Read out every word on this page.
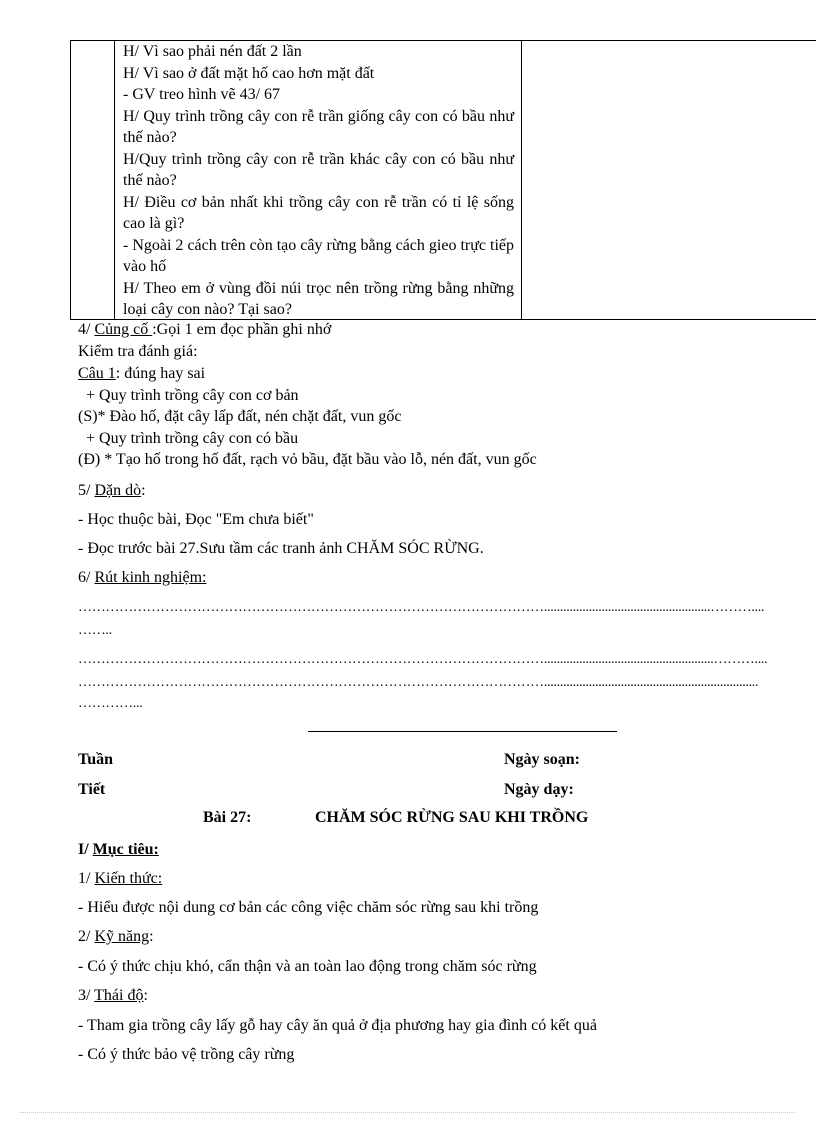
H/ Vì sao phải nén đất 2 lần

H/ Vì sao ở đất mặt hố cao hơn mặt đất

- GV treo hình vẽ 43/ 67

H/ Quy trình trồng cây con rễ trần giống cây con có bầu như thế nào?

H/Quy trình trồng cây con rễ trần khác cây con có bầu như thế nào?

H/ Điều cơ bản nhất khi trồng cây con rễ trần có tỉ lệ sống cao là gì?

- Ngoài 2 cách trên còn tạo cây rừng bằng cách gieo trực tiếp vào hố

H/ Theo em ở vùng đồi núi trọc nên trồng rừng bằng những loại cây con nào? Tại sao?

4/ Củng cố :Gọi 1 em đọc phần ghi nhớ
Kiểm tra đánh giá:
Câu 1: đúng hay sai
+ Quy trình trồng cây con cơ bản
(S)* Đào hố, đặt cây lấp đất, nén chặt đất, vun gốc
+ Quy trình trồng cây con có bầu
(Đ) * Tạo hố trong hố đất, rạch vỏ bầu, đặt bầu vào lỗ, nén đất, vun gốc
5/ Dặn dò:
- Học thuộc bài, Đọc "Em chưa biết"
- Đọc trước bài 27.Sưu tầm các tranh ảnh CHĂM SÓC RỪNG.
6/ Rút kinh nghiệm:
…………………………………………………………………………………………....................................................………....
……..
………………………………………………………………………………………….....................................................………....
…………………………………………………………………………………………...................................................................
…………...
Tuần	Ngày soạn:
Tiết	Ngày dạy:
Bài 27:	CHĂM SÓC RỪNG SAU KHI TRỒNG
I/ Mục tiêu:
1/ Kiến thức:
- Hiểu được nội dung cơ bản các công việc chăm sóc rừng sau khi trồng
2/ Kỹ năng:
- Có ý thức chịu khó, cẩn thận và an toàn lao động trong chăm sóc rừng
3/ Thái độ:
- Tham gia trồng cây lấy gỗ hay cây ăn quả ở địa phương hay gia đình có kết quả
- Có ý thức bảo vệ trồng cây rừng
